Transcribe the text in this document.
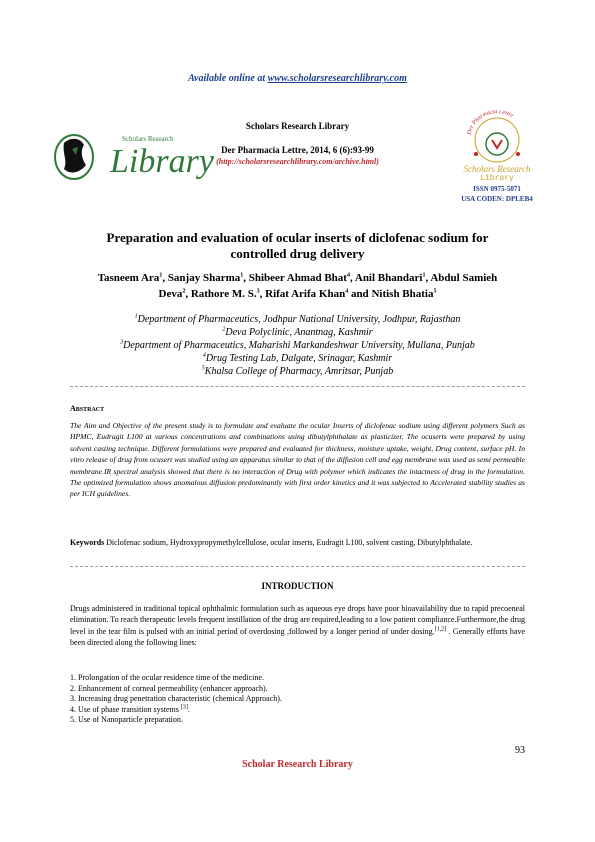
Available online at www.scholarsresearchlibrary.com
Scholars Research
Library
Scholars Research Library
Der Pharmacia Lettre, 2014, 6 (6):93-99
(http://scholarsresearchlibrary.com/archive.html)
Der Pharmacia Lettre
Scholars Research
Library
ISSN 0975-5071
USA CODEN: DPLEB4
Preparation and evaluation of ocular inserts of diclofenac sodium for
controlled drug delivery
Tasneem Ara$^1$, Sanjay Sharma$^1$, Shibeer Ahmad Bhat$^4$, Anil Bhandari$^1$, Abdul Samieh
Deva$^2$, Rathore M. S.$^3$, Rifat Arifa Khan$^4$ and Nitish Bhatia$^5$
$^1$Department of Pharmaceutics, Jodhpur National University, Jodhpur, Rajasthan
$^2$Deva Polyclinic, Anantnag, Kashmir
$^3$Department of Pharmaceutics, Maharishi Markandeshwar University, Mullana, Punjab
$^4$Drug Testing Lab, Dalgate, Srinagar, Kashmir
$^5$Khalsa College of Pharmacy, Amritsar, Punjab
Abstract
The Aim and Objective of the present study is to formulate and evaluate the ocular Inserts of diclofenac sodium using different polymers Such as HPMC, Eudragit L100 at various concentrations and combinations using dibutylphthalate as plasticizer. The ocuserts were prepared by using solvent casting technique. Different formulations were prepared and evaluated for thickness, moisture uptake, weight, Drug content, surface pH. In vitro release of drug from ocusert was studied using an apparatus similar to that of the diffusion cell and egg membrane was used as semi permeable membrane.IR spectral analysis showed that there is no interaction of Drug with polymer which indicates the intactness of drug in the formulation. The optimized formulation shows anomalous diffusion predominantly with first order kinetics and it was subjected to Accelerated stability studies as per ICH guidelines.
Keywords Diclofenac sodium, Hydroxypropymethylcellulose, ocular inserts, Eudragit L100, solvent casting, Dibutylphthalate.
INTRODUCTION
Drugs administered in traditional topical ophthalmic formulation such as aqueous eye drops have poor bioavailability due to rapid precoeneal elimination. To reach therapeutic levels frequent instillation of the drug are required,leading to a low patient compliance.Furthermore,the drug level in the tear film is pulsed with an initial period of overdosing ,followed by a longer period of under dosing.[1,2] . Generally efforts have been directed along the following lines:
1. Prolongation of the ocular residence time of the medicine.
2. Enhancement of corneal permeability (enhancer approach).
3. Increasing drug penetration characteristic (chemical Approach).
4. Use of phase transition systems [3].
5. Use of Nanoparticle preparation.
93
Scholar Research Library
